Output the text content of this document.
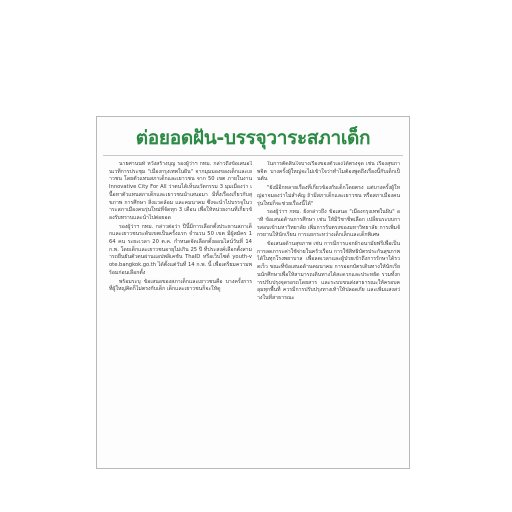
ต่อยอดฝัน-บรรจุวาระสภาเด็ก

นายศานนท์ หวังสร้างบุญ รองผู้ว่าฯ กทม. กล่าวถึงข้อเสนอในเวทีการประชุม "เมืองกรุงเทพในฝัน" จากมุมมองของเด็กและเยาวชน โดยตัวแทนสภาเด็กและเยาวชน จาก 50 เขต ภายในงาน Innovative City For All ว่าตนได้เห็นนวัตกรรม 3 มุมเมืองว่า เนื้อหาตัวแทนสภาเด็กและเยาวชนนำเสนอมา มีทั้งเรื่องเกี่ยวกับสุขภาพ การศึกษา สิ่งแวดล้อม และคมนาคม ซึ่งจะนำไปบรรจุในวาระสภาเมืองคนรุ่นใหม่ที่จัดทุก 3 เดือน เพื่อให้หน่วยงานที่เกี่ยวข้องรับทราบและนำไปต่อยอด

รองผู้ว่าฯ กทม. กล่าวต่อว่า ปีนี้มีการเลือกตั้งประธานสภาเด็กและเยาวชนระดับเขตเป็นครั้งแรก จำนวน 50 เขต มีผู้สมัคร 164 คน ระยะเวลา 20 ต.ค. กำหนดจัดเลือกตั้งออนไลน์วันที่ 14 ก.พ. โดยเด็กและเยาวชนอายุไม่เกิน 25 ปี ที่ประสงค์เลือกตั้งสามารถยืนยันตัวตนผ่านแอปพลิเคชัน ThaID หรือเว็บไซต์ youth-vote.bangkok.go.th ได้ตั้งแต่วันที่ 14 ก.พ. นี้ เพื่อเตรียมความพร้อมก่อนเลือกตั้ง

พร้อมระบุ ข้อเสนอของสภาเด็กและเยาวชนคือ บางครั้งการที่ผู้ใหญ่คิดก็ไม่ตรงกับเด็ก เด็กและเยาวชนก็จะให้ดู

ในการตัดสินใจบางเรื่องของตัวเองได้ตรงจุด เช่น เรื่องสุขภาพจิต บางครั้งผู้ใหญ่จะไม่เข้าใจว่าทำไมต้องพูดถึงเรื่องนี้กับเด็กเป็นต้น

"ยังมีอีกหลายเรื่องที่เกี่ยวข้องกับเด็กโดยตรง แต่บางครั้งผู้ใหญ่อาจมองว่าไม่สำคัญ ถ้ามีสภาเด็กและเยาวชน หรือสภาเมืองคนรุ่นใหม่ก็จะช่วยเรื่องนี้ได้"

รองผู้ว่าฯ กทม. ยังกล่าวถึง ข้อเสนอ "เมืองกรุงเทพในฝัน" อาทิ ข้อเสนอด้านการศึกษา เช่น ให้มีวิชาชีพเลือก เปลี่ยนระบบการสอบเข้ามหาวิทยาลัย เพิ่มการรับตรงของมหาวิทยาลัย การเพิ่มจักรยานให้นักเรียน การแยกระหว่างเด็กเล็กและเด็กพิเศษ

ข้อเสนอด้านสุขภาพ เช่น การมีการแจกผ้าอนามัยฟรีเพื่อเป็นการลดภาระค่าใช้จ่ายในครัวเรือน การใช้สิทธิบัตรประกันสุขภาพได้ในทุกโรงพยาบาล เพื่อลดเวลาและผู้ป่วยเข้าถึงการรักษาได้รวดเร็ว ขณะที่ข้อเสนอด้านคมนาคม การออกบัตรเดินทางให้นักเรียนนักศึกษาเพื่อให้สามารถเดินทางได้สะดวกและประหยัด รวมทั้งการปรับปรุงจุดรอรถโดยสาร และระบบขนส่งสาธารณะให้ครอบคลุมทุกพื้นที่ ควรมีการปรับปรุงทางเท้าให้ปลอดภัย และเพิ่มแสงสว่างในที่สาธารณะ
